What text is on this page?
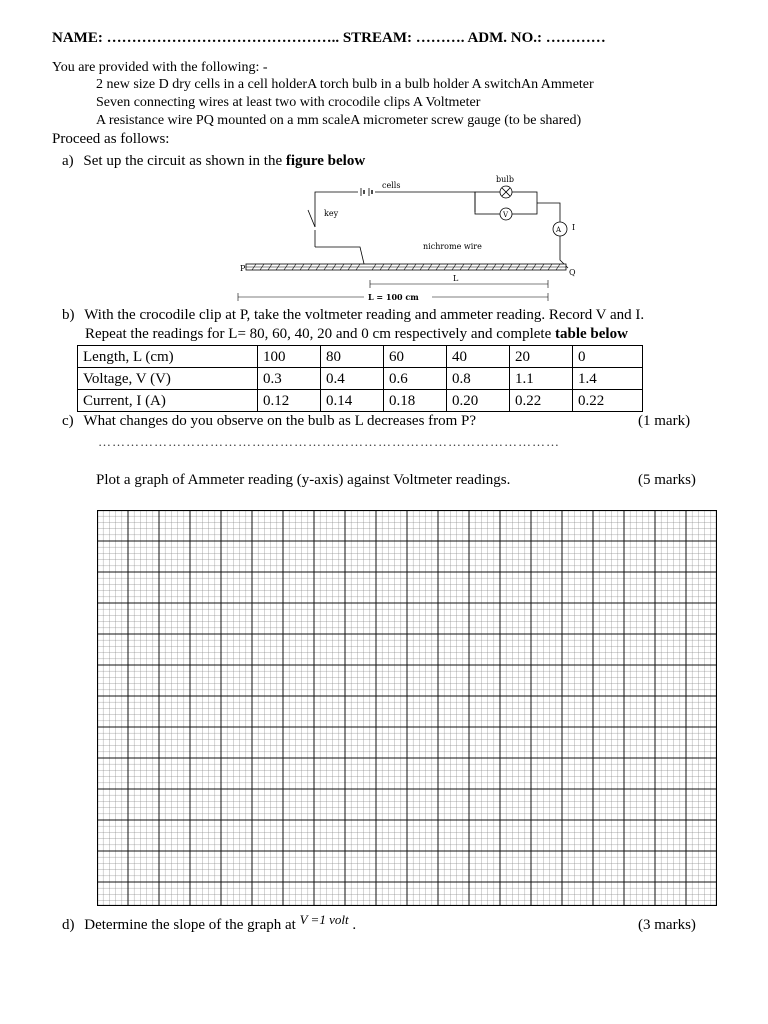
NAME: ……………………………………….. STREAM: ………. ADM. NO.: …………
You are provided with the following: -
2 new size D dry cells in a cell holderA torch bulb in a bulb holder A switchAn Ammeter
Seven connecting wires at least two with crocodile clips A Voltmeter
A resistance wire PQ mounted on a mm scaleA micrometer screw gauge (to be shared)
Proceed as follows:
a) Set up the circuit as shown in the figure below
cells
bulb
V
A I
key
nichrome wire
P	Q
L
L = 100 cm
b) With the crocodile clip at P, take the voltmeter reading and ammeter reading. Record V and I.
Repeat the readings for L= 80, 60, 40, 20 and 0 cm respectively and complete table below
Length, L (cm)	100	80	60	40	20	0
Voltage, V (V)	0.3	0.4	0.6	0.8	1.1	1.4
Current, I (A)	0.12	0.14	0.18	0.20	0.22	0.22
c) What changes do you observe on the bulb as L decreases from P?	(1 mark)
………………………………………………………………………………………
Plot a graph of Ammeter reading (y-axis) against Voltmeter readings.	(5 marks)
d) Determine the slope of the graph at V =1 volt .	(3 marks)
